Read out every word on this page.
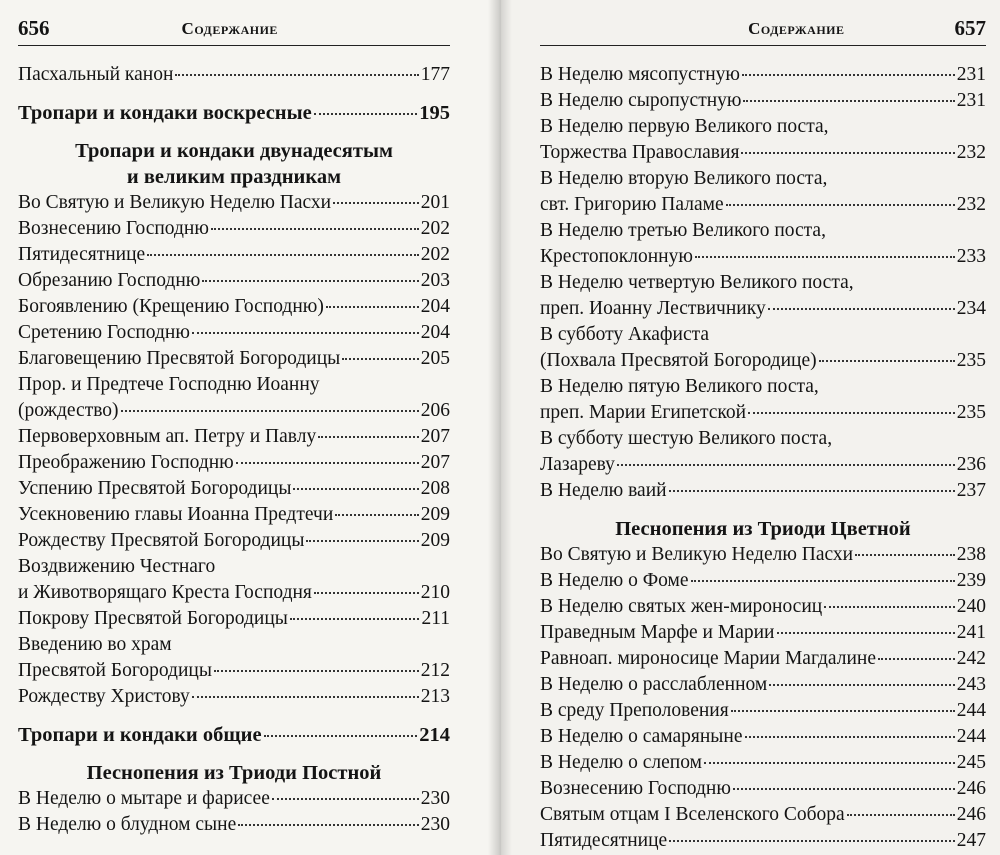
656	Содержание
Пасхальный канон	177
Тропари и кондаки воскресные	195
Тропари и кондаки двунадесятым
и великим праздникам
Во Святую и Великую Неделю Пасхи	201
Вознесению Господню	202
Пятидесятнице	202
Обрезанию Господню	203
Богоявлению (Крещению Господню)	204
Сретению Господню	204
Благовещению Пресвятой Богородицы	205
Прор. и Предтече Господню Иоанну
(рождество)	206
Первоверховным ап. Петру и Павлу	207
Преображению Господню	207
Успению Пресвятой Богородицы	208
Усекновению главы Иоанна Предтечи	209
Рождеству Пресвятой Богородицы	209
Воздвижению Честнаго
и Животворящаго Креста Господня	210
Покрову Пресвятой Богородицы	211
Введению во храм
Пресвятой Богородицы	212
Рождеству Христову	213
Тропари и кондаки общие	214
Песнопения из Триоди Постной
В Неделю о мытаре и фарисее	230
В Неделю о блудном сыне	230
Содержание	657
В Неделю мясопустную	231
В Неделю сыропустную	231
В Неделю первую Великого поста,
Торжества Православия	232
В Неделю вторую Великого поста,
свт. Григорию Паламе	232
В Неделю третью Великого поста,
Крестопоклонную	233
В Неделю четвертую Великого поста,
преп. Иоанну Лествичнику	234
В субботу Акафиста
(Похвала Пресвятой Богородице)	235
В Неделю пятую Великого поста,
преп. Марии Египетской	235
В субботу шестую Великого поста,
Лазареву	236
В Неделю ваий	237
Песнопения из Триоди Цветной
Во Святую и Великую Неделю Пасхи	238
В Неделю о Фоме	239
В Неделю святых жен-мироносиц	240
Праведным Марфе и Марии	241
Равноап. мироносице Марии Магдалине	242
В Неделю о расслабленном	243
В среду Преполовения	244
В Неделю о самаряныне	244
В Неделю о слепом	245
Вознесению Господню	246
Святым отцам I Вселенского Собора	246
Пятидесятнице	247
